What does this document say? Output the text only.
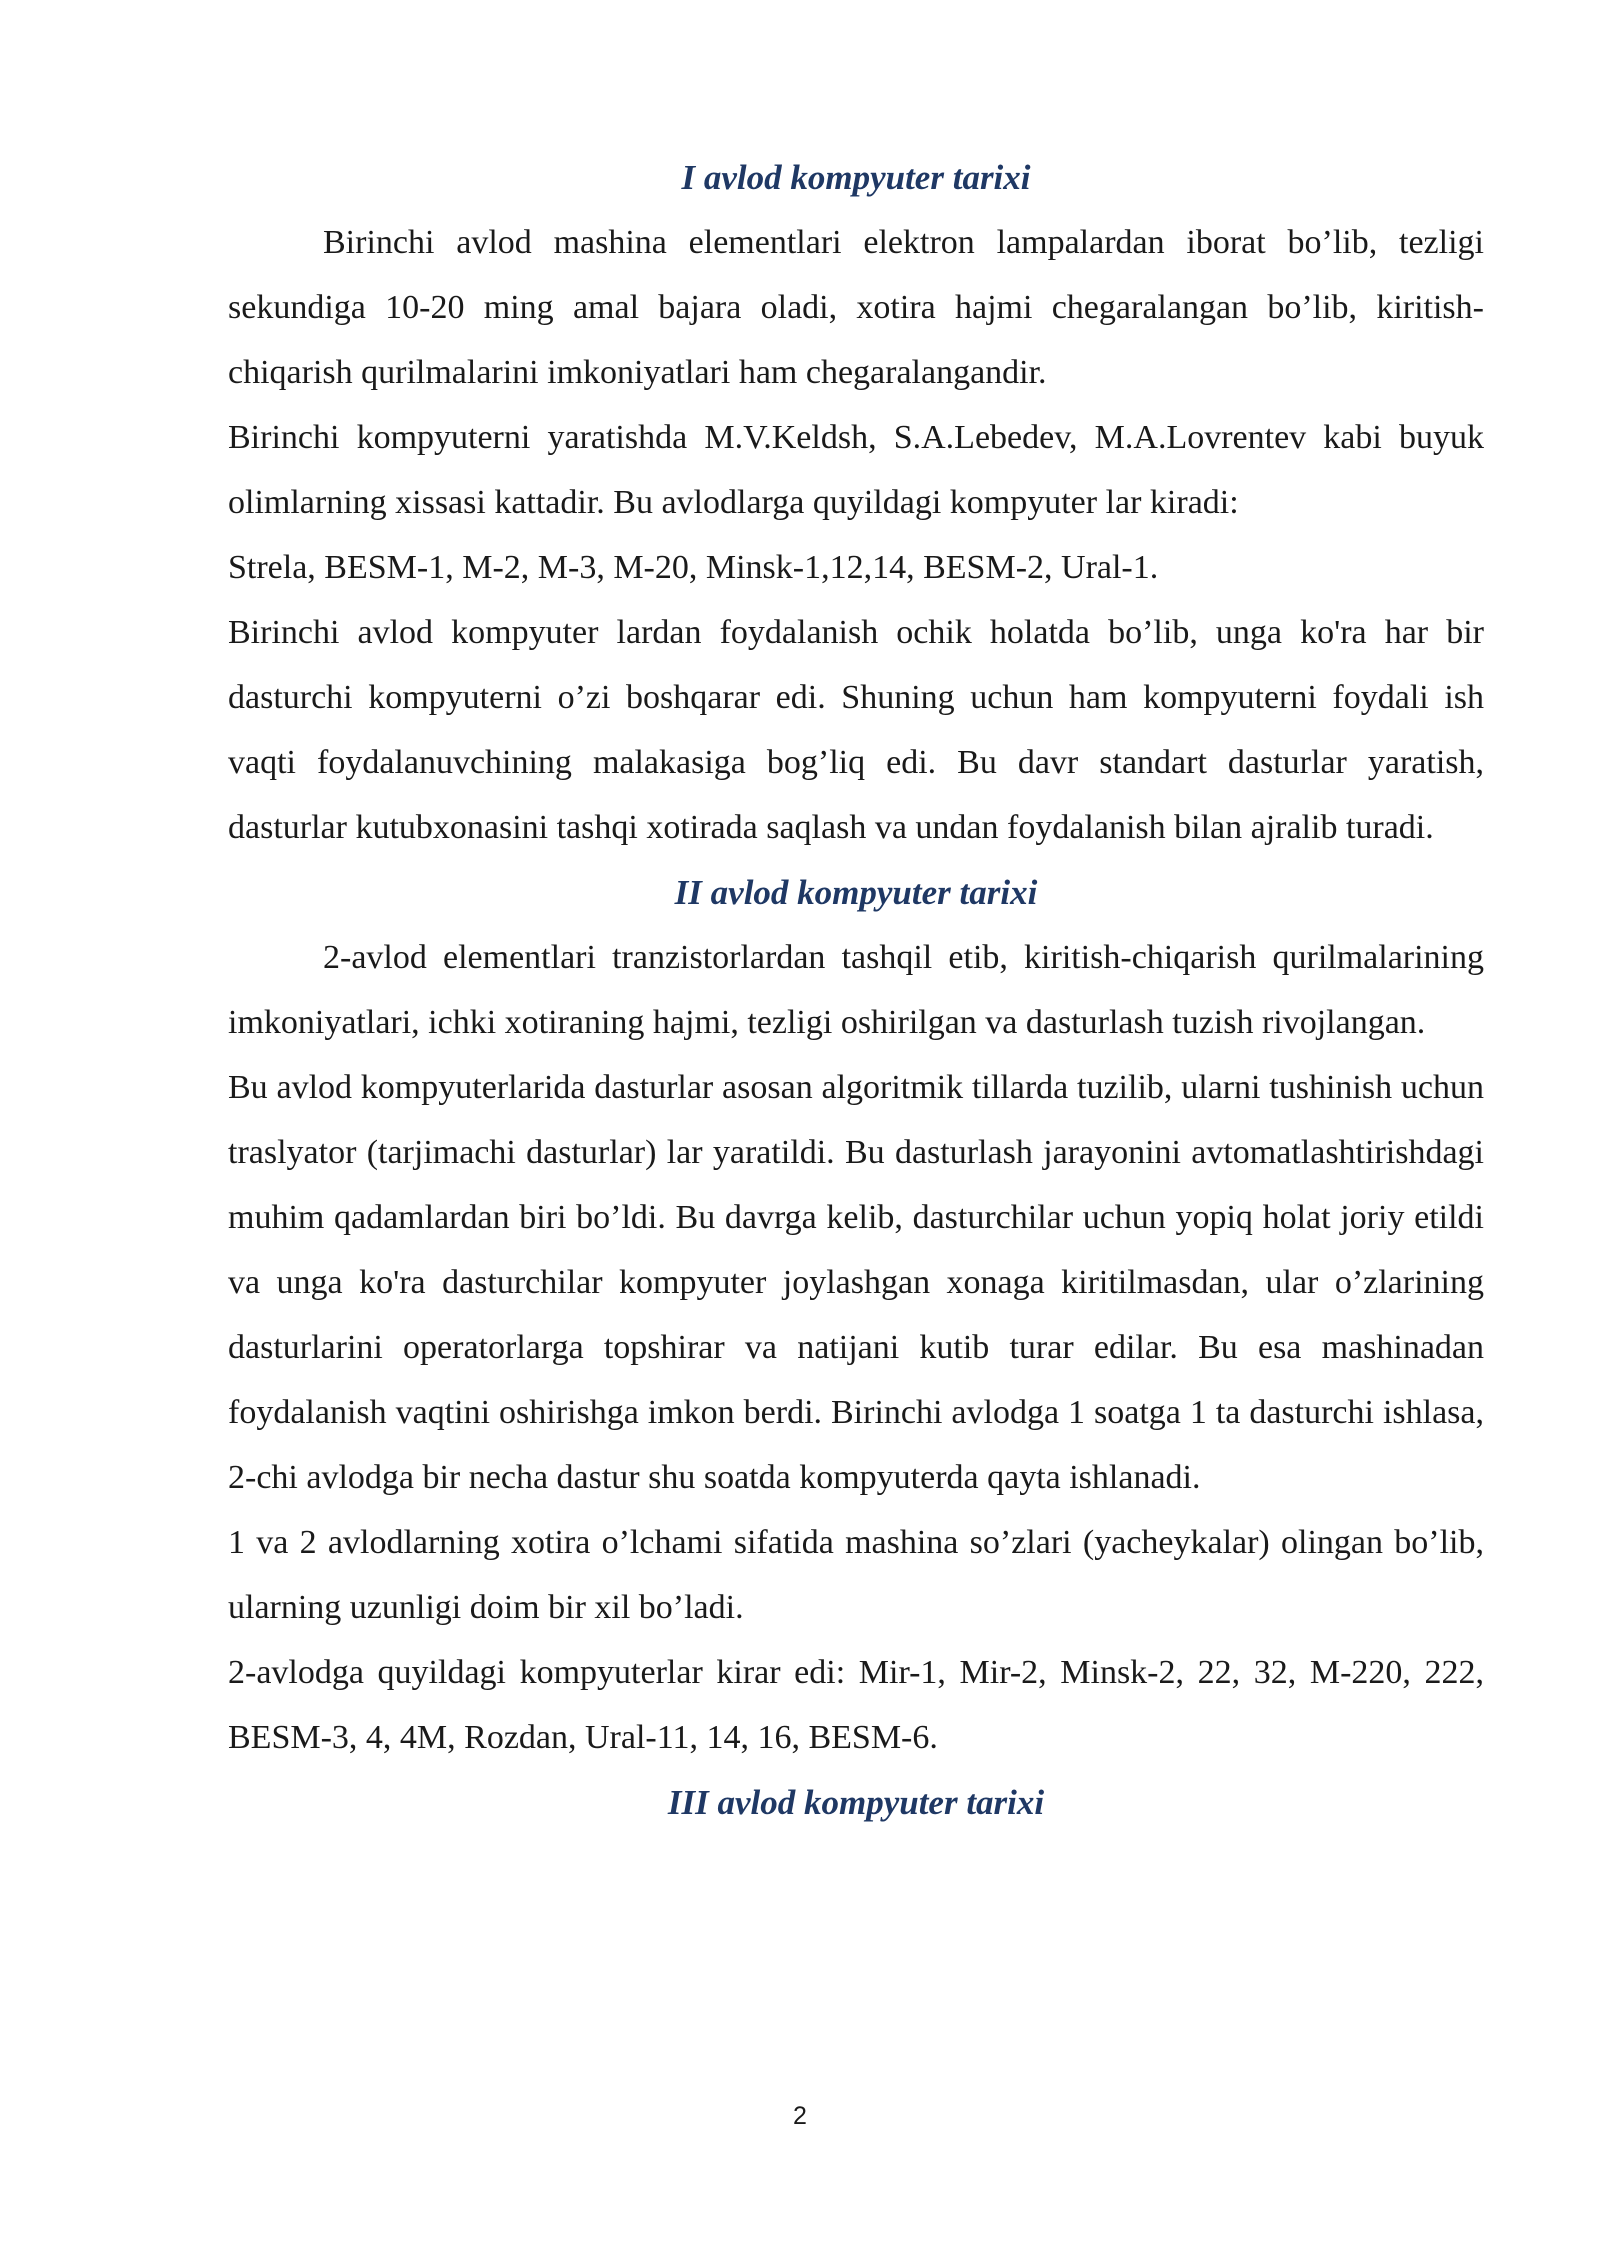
I avlod kompyuter tarixi

Birinchi avlod mashina elementlari elektron lampalardan iborat bo’lib, tezligi sekundiga 10-20 ming amal bajara oladi, xotira hajmi chegaralangan bo’lib, kiritish-chiqarish qurilmalarini imkoniyatlari ham chegaralangandir.

Birinchi kompyuterni yaratishda M.V.Keldsh, S.A.Lebedev, M.A.Lovrentev kabi buyuk olimlarning xissasi kattadir. Bu avlodlarga quyildagi kompyuter lar kiradi:

Strela, BESM-1, M-2, M-3, M-20, Minsk-1,12,14, BESM-2, Ural-1.

Birinchi avlod kompyuter lardan foydalanish ochik holatda bo’lib, unga ko'ra har bir dasturchi kompyuterni o’zi boshqarar edi. Shuning uchun ham kompyuterni foydali ish vaqti foydalanuvchining malakasiga bog’liq edi. Bu davr standart dasturlar yaratish, dasturlar kutubxonasini tashqi xotirada saqlash va undan foydalanish bilan ajralib turadi.

II avlod kompyuter tarixi

2-avlod elementlari tranzistorlardan tashqil etib, kiritish-chiqarish qurilmalarining imkoniyatlari, ichki xotiraning hajmi, tezligi oshirilgan va dasturlash tuzish rivojlangan.

Bu avlod kompyuterlarida dasturlar asosan algoritmik tillarda tuzilib, ularni tushinish uchun traslyator (tarjimachi dasturlar) lar yaratildi. Bu dasturlash jarayonini avtomatlashtirishdagi muhim qadamlardan biri bo’ldi. Bu davrga kelib, dasturchilar uchun yopiq holat joriy etildi va unga ko'ra dasturchilar kompyuter joylashgan xonaga kiritilmasdan, ular o’zlarining dasturlarini operatorlarga topshirar va natijani kutib turar edilar. Bu esa mashinadan foydalanish vaqtini oshirishga imkon berdi. Birinchi avlodga 1 soatga 1 ta dasturchi ishlasa, 2-chi avlodga bir necha dastur shu soatda kompyuterda qayta ishlanadi.

1 va 2 avlodlarning xotira o’lchami sifatida mashina so’zlari (yacheykalar) olingan bo’lib, ularning uzunligi doim bir xil bo’ladi.

2-avlodga quyildagi kompyuterlar kirar edi: Mir-1, Mir-2, Minsk-2, 22, 32, M-220, 222, BESM-3, 4, 4M, Rozdan, Ural-11, 14, 16, BESM-6.

III avlod kompyuter tarixi
2
